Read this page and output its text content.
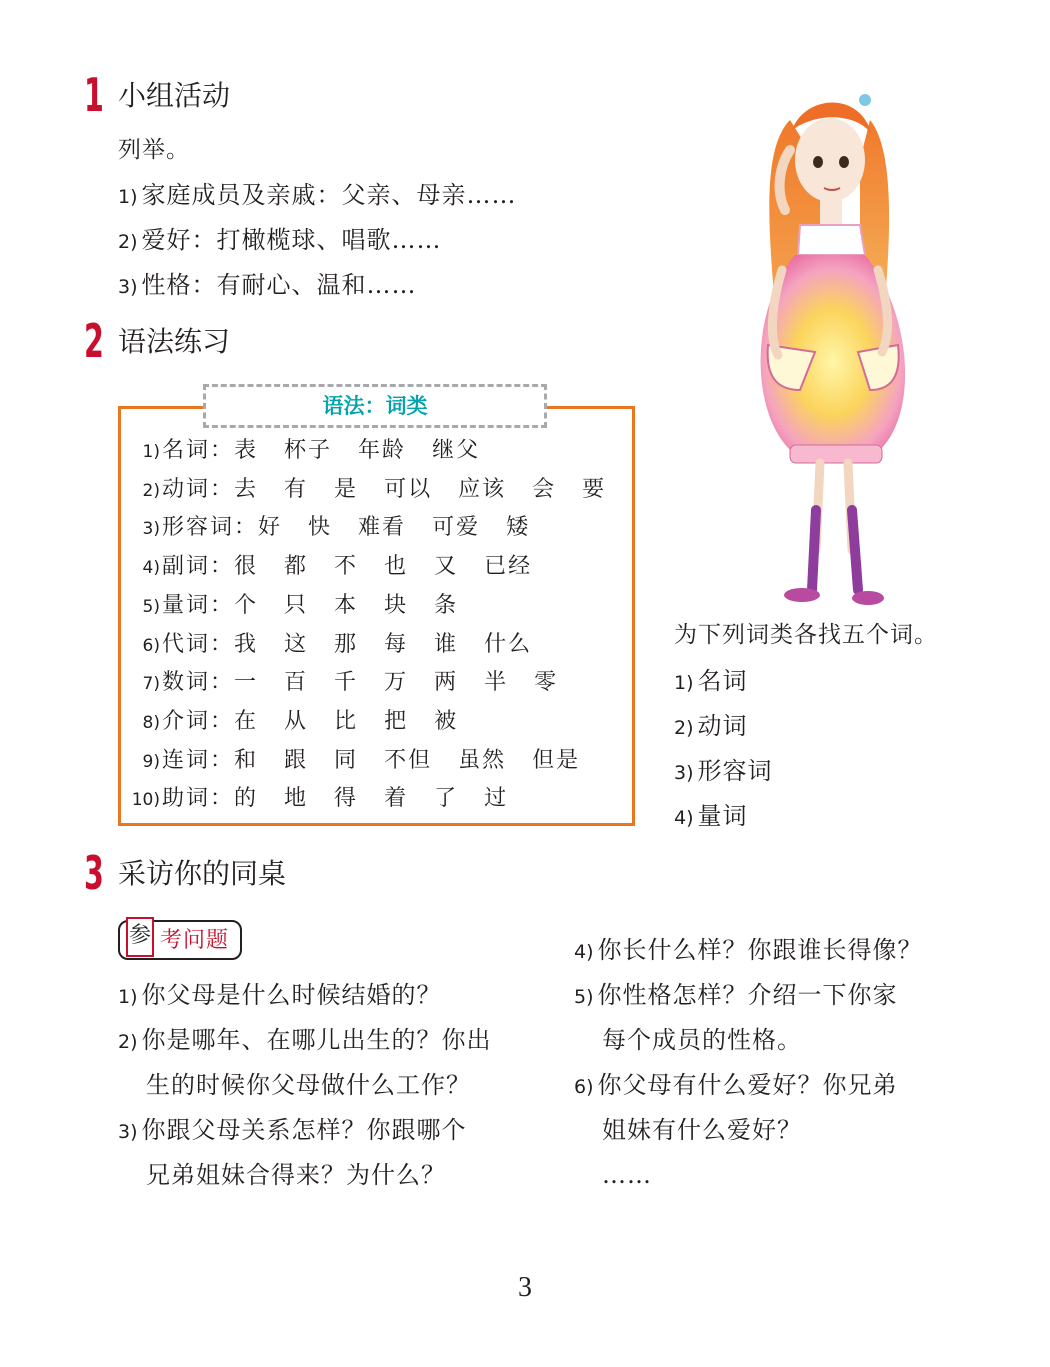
1 小组活动
列举。
1) 家庭成员及亲戚：父亲、母亲……
2) 爱好：打橄榄球、唱歌……
3) 性格：有耐心、温和……
2 语法练习
语法：词类
1)名词：表 杯子 年龄 继父
2)动词：去 有 是 可以 应该 会 要
3)形容词：好 快 难看 可爱 矮
4)副词：很 都 不 也 又 已经
5)量词：个 只 本 块 条
6)代词：我 这 那 每 谁 什么
7)数词：一 百 千 万 两 半 零
8)介词：在 从 比 把 被
9)连词：和 跟 同 不但 虽然 但是
10)助词：的 地 得 着 了 过
为下列词类各找五个词。
1) 名词
2) 动词
3) 形容词
4) 量词
3 采访你的同桌
参 考问题
1) 你父母是什么时候结婚的？
2) 你是哪年、在哪儿出生的？你出
生的时候你父母做什么工作？
3) 你跟父母关系怎样？你跟哪个
兄弟姐妹合得来？为什么？
4) 你长什么样？你跟谁长得像？
5) 你性格怎样？介绍一下你家
每个成员的性格。
6) 你父母有什么爱好？你兄弟
姐妹有什么爱好？
……
3
